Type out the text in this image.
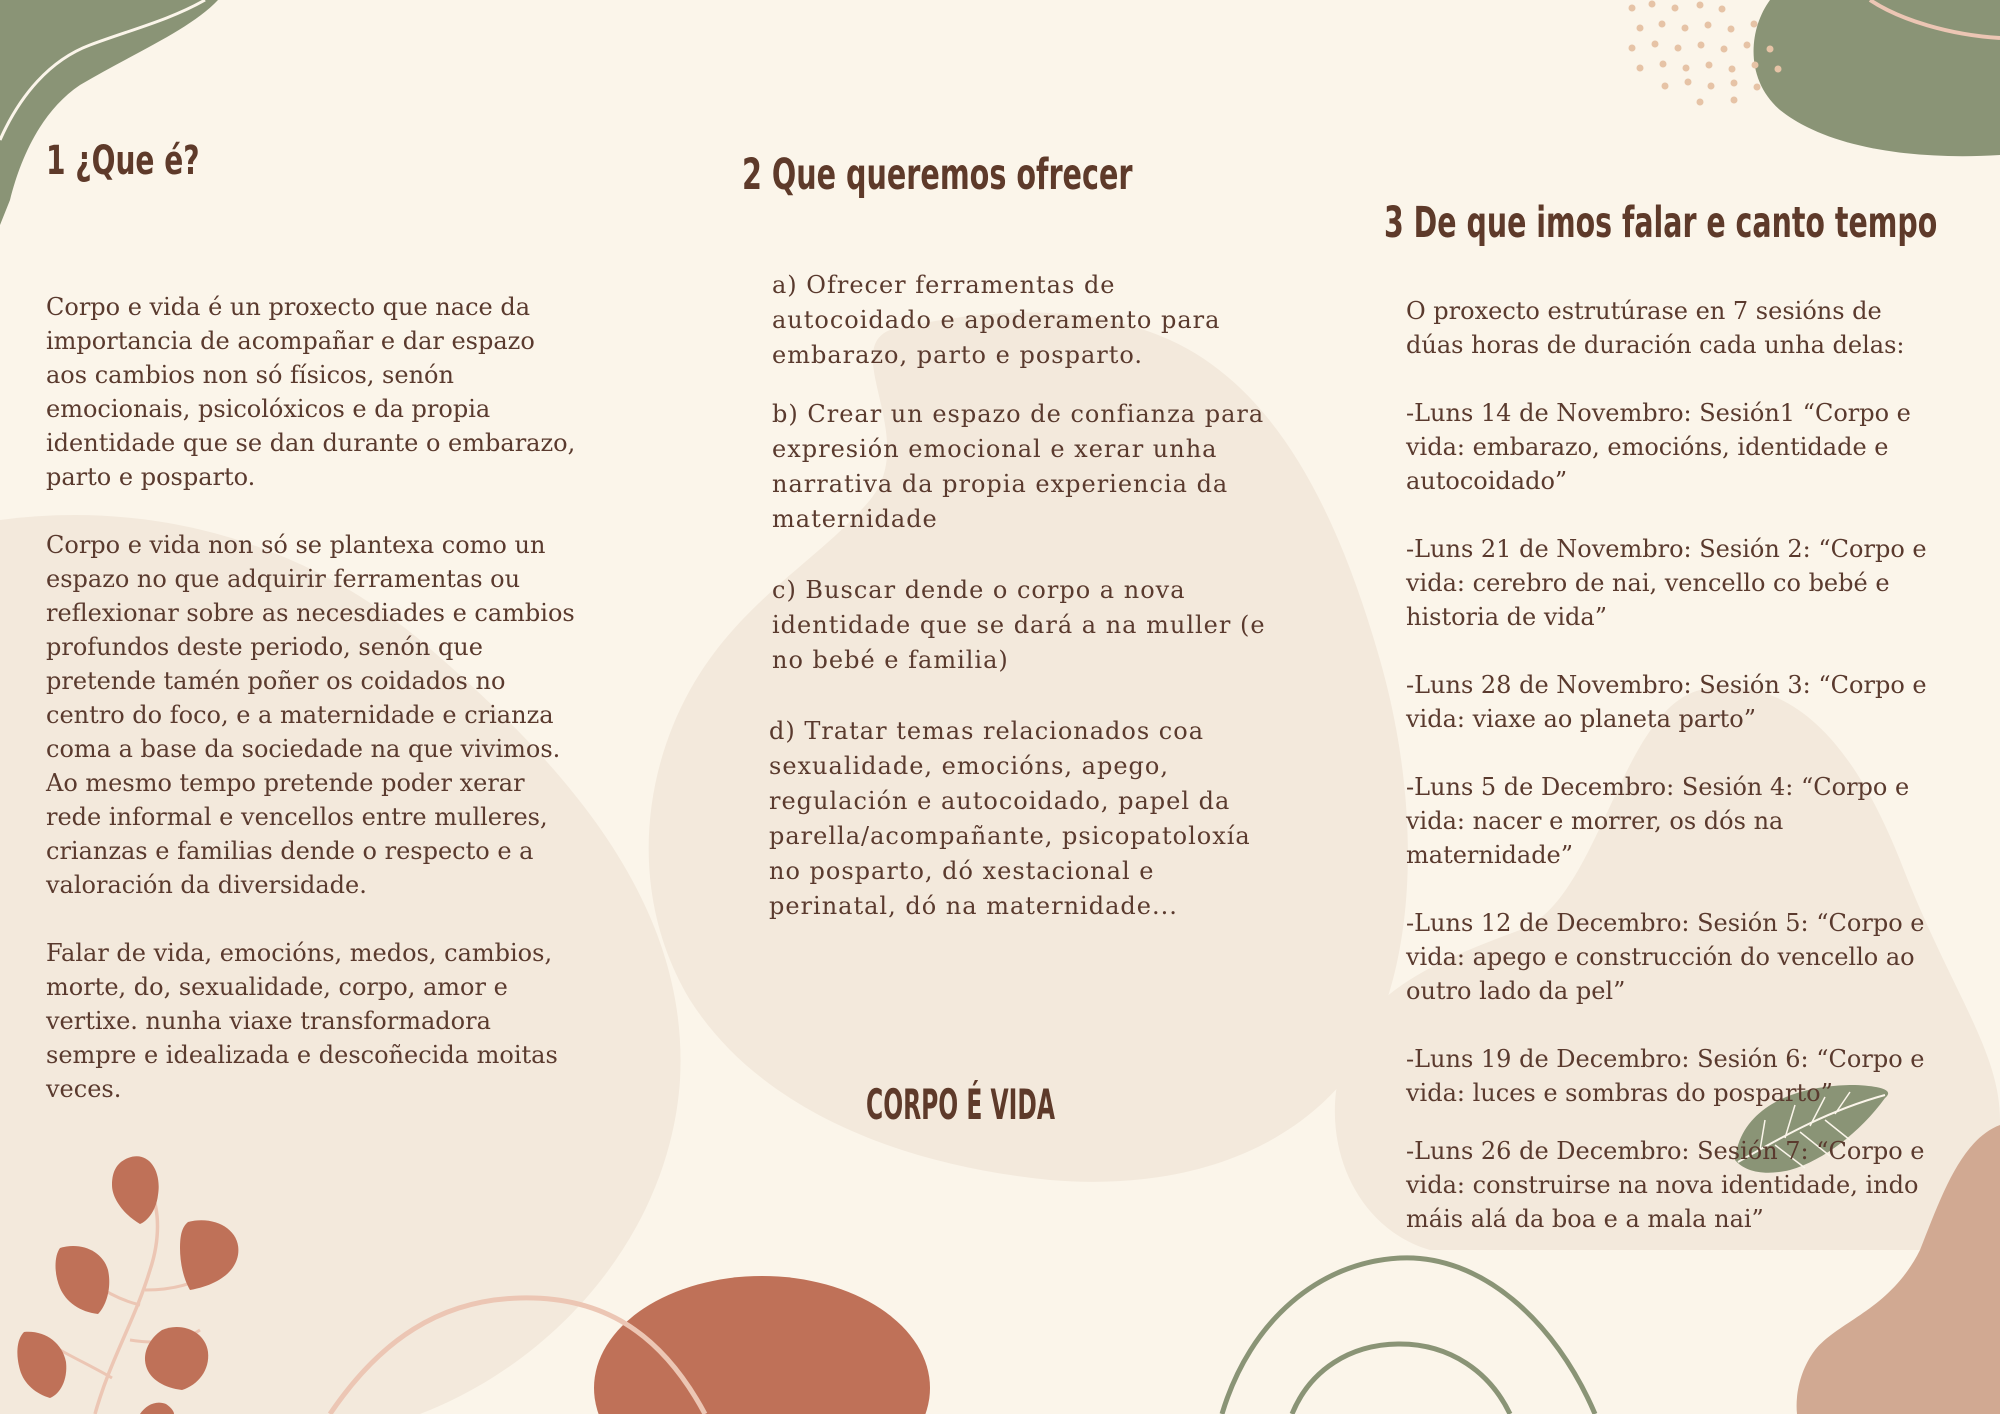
1 ¿Que é?

Corpo e vida é un proxecto que nace da importancia de acompañar e dar espazo aos cambios non só físicos, senón emocionais, psicolóxicos e da propia identidade que se dan durante o embarazo, parto e posparto.

Corpo e vida non só se plantexa como un espazo no que adquirir ferramentas ou reflexionar sobre as necesdiades e cambios profundos deste periodo, senón que pretende tamén poñer os coidados no centro do foco, e a maternidade e crianza coma a base da sociedade na que vivimos. Ao mesmo tempo pretende poder xerar rede informal e vencellos entre mulleres, crianzas e familias dende o respecto e a valoración da diversidade.

Falar de vida, emocións, medos, cambios, morte, do, sexualidade, corpo, amor e vertixe. nunha viaxe transformadora sempre e idealizada e descoñecida moitas veces.

2 Que queremos ofrecer

a) Ofrecer ferramentas de autocoidado e apoderamento para embarazo, parto e posparto.

b) Crear un espazo de confianza para expresión emocional e xerar unha narrativa da propia experiencia da maternidade

c) Buscar dende o corpo a nova identidade que se dará a na muller (e no bebé e familia)

d) Tratar temas relacionados coa sexualidade, emocións, apego, regulación e autocoidado, papel da parella/acompañante, psicopatoloxía no posparto, dó xestacional e perinatal, dó na maternidade...

CORPO É VIDA
3 De que imos falar e canto tempo

O proxecto estrutúrase en 7 sesións de dúas horas de duración cada unha delas:

-Luns 14 de Novembro: Sesión1 “Corpo e vida: embarazo, emocións, identidade e autocoidado”

-Luns 21 de Novembro: Sesión 2: “Corpo e vida: cerebro de nai, vencello co bebé e historia de vida”

-Luns 28 de Novembro: Sesión 3: “Corpo e vida: viaxe ao planeta parto”

-Luns 5 de Decembro: Sesión 4: “Corpo e vida: nacer e morrer, os dós na maternidade”

-Luns 12 de Decembro: Sesión 5: “Corpo e vida: apego e construcción do vencello ao outro lado da pel”

-Luns 19 de Decembro: Sesión 6: “Corpo e vida: luces e sombras do posparto”

-Luns 26 de Decembro: Sesión 7: “Corpo e vida: construirse na nova identidade, indo máis alá da boa e a mala nai”
